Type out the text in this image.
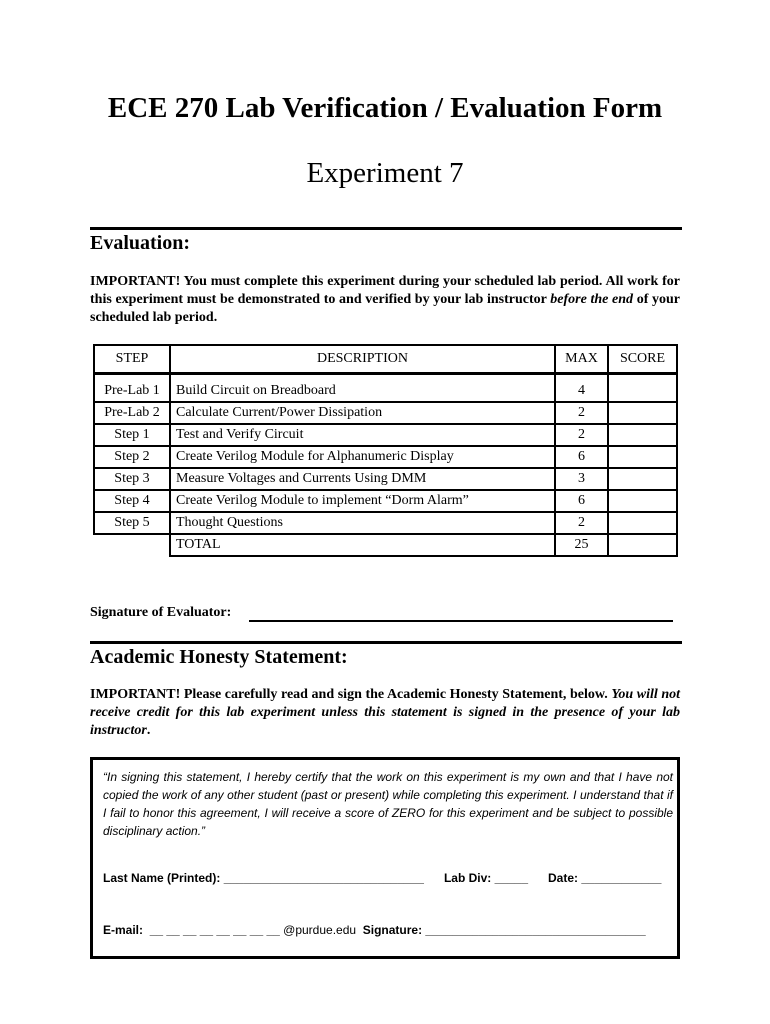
ECE 270 Lab Verification / Evaluation Form
Experiment 7
Evaluation:
IMPORTANT! You must complete this experiment during your scheduled lab period. All work for this experiment must be demonstrated to and verified by your lab instructor before the end of your scheduled lab period.
STEP	DESCRIPTION	MAX	SCORE
Pre-Lab 1	Build Circuit on Breadboard	4	
Pre-Lab 2	Calculate Current/Power Dissipation	2	
Step 1	Test and Verify Circuit	2	
Step 2	Create Verilog Module for Alphanumeric Display	6	
Step 3	Measure Voltages and Currents Using DMM	3	
Step 4	Create Verilog Module to implement “Dorm Alarm”	6	
Step 5	Thought Questions	2	
	TOTAL	25	
Signature of Evaluator:
Academic Honesty Statement:
IMPORTANT! Please carefully read and sign the Academic Honesty Statement, below. You will not receive credit for this lab experiment unless this statement is signed in the presence of your lab instructor.
“In signing this statement, I hereby certify that the work on this experiment is my own and that I have not copied the work of any other student (past or present) while completing this experiment. I understand that if I fail to honor this agreement, I will receive a score of ZERO for this experiment and be subject to possible disciplinary action.”
Last Name (Printed): ______________________________ Lab Div: _____ Date: ____________
E-mail: __ __ __ __ __ __ __ __ @purdue.edu Signature: _________________________________
